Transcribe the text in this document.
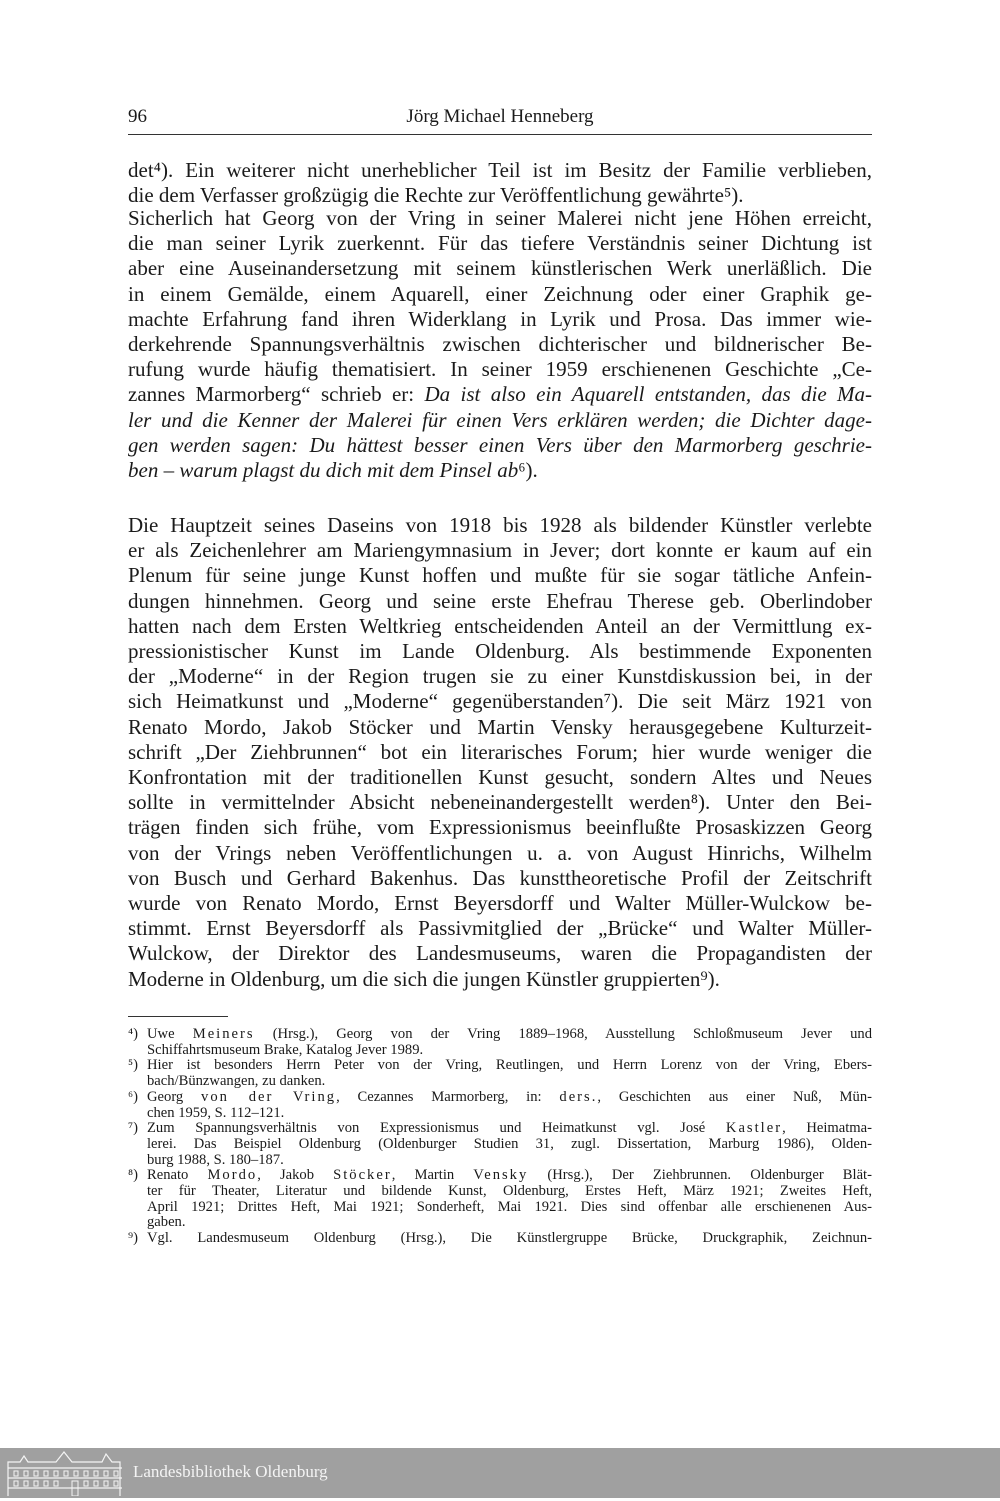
96	Jörg Michael Henneberg
det⁴). Ein weiterer nicht unerheblicher Teil ist im Besitz der Familie verblieben,
die dem Verfasser großzügig die Rechte zur Veröffentlichung gewährte⁵).
Sicherlich hat Georg von der Vring in seiner Malerei nicht jene Höhen erreicht,
die man seiner Lyrik zuerkennt. Für das tiefere Verständnis seiner Dichtung ist
aber eine Auseinandersetzung mit seinem künstlerischen Werk unerläßlich. Die
in einem Gemälde, einem Aquarell, einer Zeichnung oder einer Graphik ge-
machte Erfahrung fand ihren Widerklang in Lyrik und Prosa. Das immer wie-
derkehrende Spannungsverhältnis zwischen dichterischer und bildnerischer Be-
rufung wurde häufig thematisiert. In seiner 1959 erschienenen Geschichte „Ce-
zannes Marmorberg“ schrieb er: Da ist also ein Aquarell entstanden, das die Ma-
ler und die Kenner der Malerei für einen Vers erklären werden; die Dichter dage-
gen werden sagen: Du hättest besser einen Vers über den Marmorberg geschrie-
ben – warum plagst du dich mit dem Pinsel ab⁶).
Die Hauptzeit seines Daseins von 1918 bis 1928 als bildender Künstler verlebte
er als Zeichenlehrer am Mariengymnasium in Jever; dort konnte er kaum auf ein
Plenum für seine junge Kunst hoffen und mußte für sie sogar tätliche Anfein-
dungen hinnehmen. Georg und seine erste Ehefrau Therese geb. Oberlindober
hatten nach dem Ersten Weltkrieg entscheidenden Anteil an der Vermittlung ex-
pressionistischer Kunst im Lande Oldenburg. Als bestimmende Exponenten
der „Moderne“ in der Region trugen sie zu einer Kunstdiskussion bei, in der
sich Heimatkunst und „Moderne“ gegenüberstanden⁷). Die seit März 1921 von
Renato Mordo, Jakob Stöcker und Martin Vensky herausgegebene Kulturzeit-
schrift „Der Ziehbrunnen“ bot ein literarisches Forum; hier wurde weniger die
Konfrontation mit der traditionellen Kunst gesucht, sondern Altes und Neues
sollte in vermittelnder Absicht nebeneinandergestellt werden⁸). Unter den Bei-
trägen finden sich frühe, vom Expressionismus beeinflußte Prosaskizzen Georg
von der Vrings neben Veröffentlichungen u. a. von August Hinrichs, Wilhelm
von Busch und Gerhard Bakenhus. Das kunsttheoretische Profil der Zeitschrift
wurde von Renato Mordo, Ernst Beyersdorff und Walter Müller-Wulckow be-
stimmt. Ernst Beyersdorff als Passivmitglied der „Brücke“ und Walter Müller-
Wulckow, der Direktor des Landesmuseums, waren die Propagandisten der
Moderne in Oldenburg, um die sich die jungen Künstler gruppierten⁹).
⁴) Uwe Meiners (Hrsg.), Georg von der Vring 1889–1968, Ausstellung Schloßmuseum Jever und
Schiffahrtsmuseum Brake, Katalog Jever 1989.
⁵) Hier ist besonders Herrn Peter von der Vring, Reutlingen, und Herrn Lorenz von der Vring, Ebers-
bach/Bünzwangen, zu danken.
⁶) Georg von der Vring, Cezannes Marmorberg, in: ders., Geschichten aus einer Nuß, Mün-
chen 1959, S. 112–121.
⁷) Zum Spannungsverhältnis von Expressionismus und Heimatkunst vgl. José Kastler, Heimatma-
lerei. Das Beispiel Oldenburg (Oldenburger Studien 31, zugl. Dissertation, Marburg 1986), Olden-
burg 1988, S. 180–187.
⁸) Renato Mordo, Jakob Stöcker, Martin Vensky (Hrsg.), Der Ziehbrunnen. Oldenburger Blät-
ter für Theater, Literatur und bildende Kunst, Oldenburg, Erstes Heft, März 1921; Zweites Heft,
April 1921; Drittes Heft, Mai 1921; Sonderheft, Mai 1921. Dies sind offenbar alle erschienenen Aus-
gaben.
⁹) Vgl. Landesmuseum Oldenburg (Hrsg.), Die Künstlergruppe Brücke, Druckgraphik, Zeichnun-
Landesbibliothek Oldenburg
